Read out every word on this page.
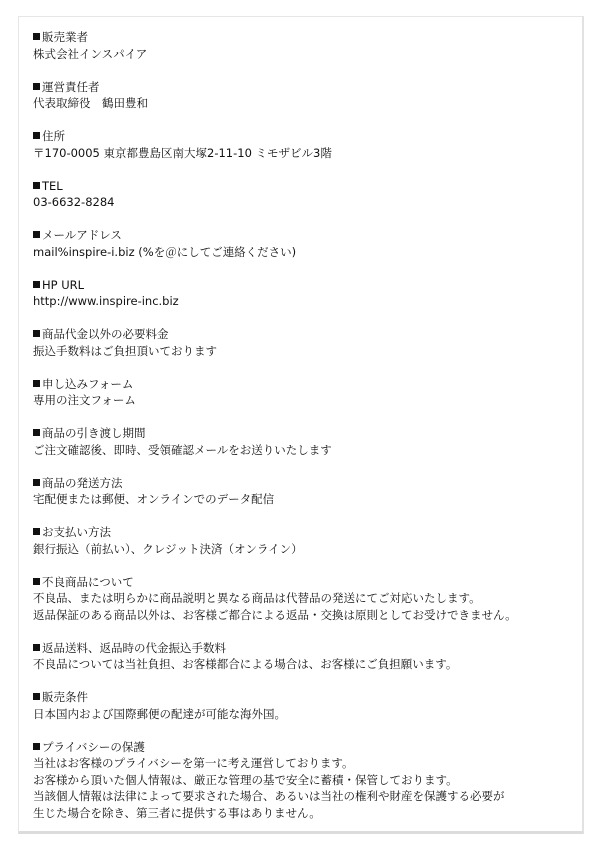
販売業者
株式会社インスパイア
運営責任者
代表取締役　鶴田豊和
住所
〒170-0005 東京都豊島区南大塚2-11-10 ミモザビル3階
TEL
03-6632-8284
メールアドレス
mail%inspire-i.biz (%を＠にしてご連絡ください)
HP URL
http://www.inspire-inc.biz
商品代金以外の必要料金
振込手数料はご負担頂いております
申し込みフォーム
専用の注文フォーム
商品の引き渡し期間
ご注文確認後、即時、受領確認メールをお送りいたします
商品の発送方法
宅配便または郵便、オンラインでのデータ配信
お支払い方法
銀行振込（前払い）、クレジット決済（オンライン）
不良商品について
不良品、または明らかに商品説明と異なる商品は代替品の発送にてご対応いたします。
返品保証のある商品以外は、お客様ご都合による返品・交換は原則としてお受けできません。
返品送料、返品時の代金振込手数料
不良品については当社負担、お客様都合による場合は、お客様にご負担願います。
販売条件
日本国内および国際郵便の配達が可能な海外国。
プライバシーの保護
当社はお客様のプライバシーを第一に考え運営しております。
お客様から頂いた個人情報は、厳正な管理の基で安全に蓄積・保管しております。
当該個人情報は法律によって要求された場合、あるいは当社の権利や財産を保護する必要が
生じた場合を除き、第三者に提供する事はありません。
